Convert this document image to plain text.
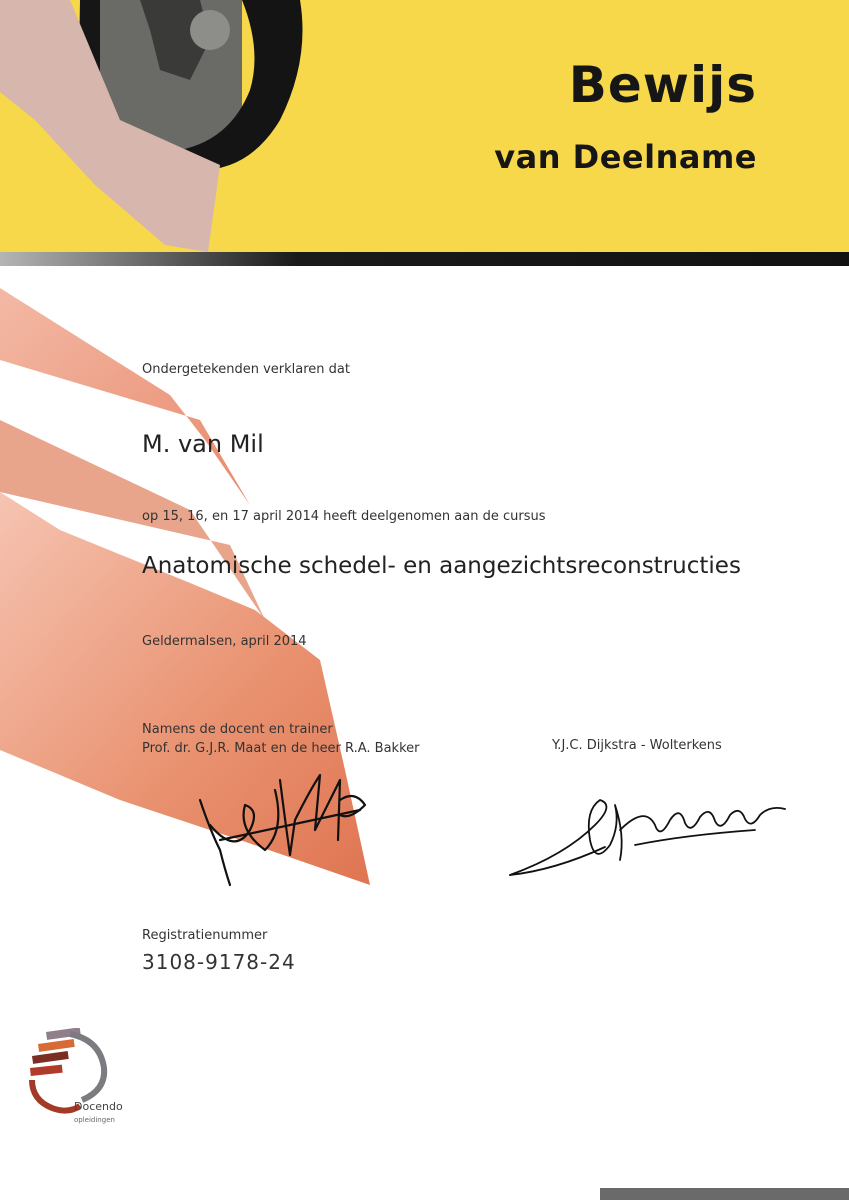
Bewijs
van Deelname
Ondergetekenden verklaren dat
M. van Mil
op 15, 16, en 17 april 2014 heeft deelgenomen aan de cursus
Anatomische schedel- en aangezichtsreconstructies
Geldermalsen, april 2014
Namens de docent en trainer
Prof. dr. G.J.R. Maat en de heer R.A. Bakker	Y.J.C. Dijkstra - Wolterkens
Registratienummer
3108-9178-24
Docendo
opleidingen
